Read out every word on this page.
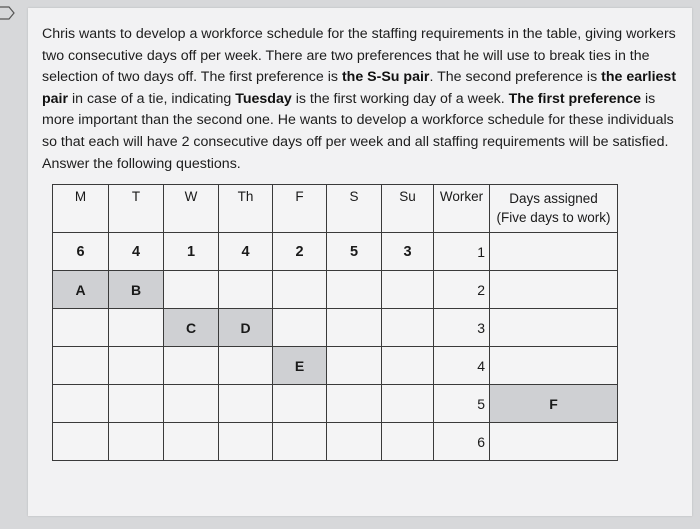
Chris wants to develop a workforce schedule for the staffing requirements in the table, giving workers two consecutive days off per week. There are two preferences that he will use to break ties in the selection of two days off. The first preference is the S-Su pair. The second preference is the earliest pair in case of a tie, indicating Tuesday is the first working day of a week. The first preference is more important than the second one. He wants to develop a workforce schedule for these individuals so that each will have 2 consecutive days off per week and all staffing requirements will be satisfied. Answer the following questions.
M	T	W	Th	F	S	Su	Worker	Days assigned
(Five days to work)
6	4	1	4	2	5	3	1	
A	B						2	
		C	D				3	
				E			4	
							5	F
							6	
